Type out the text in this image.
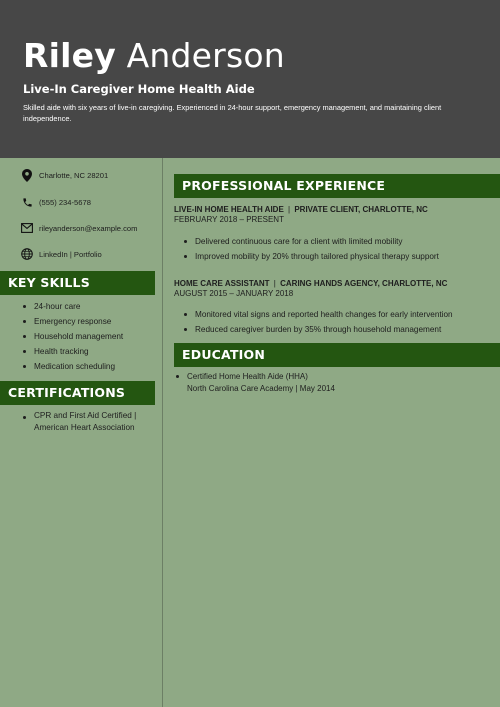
Riley Anderson
Live-In Caregiver Home Health Aide
Skilled aide with six years of live-in caregiving. Experienced in 24-hour support, emergency management, and maintaining client independence.
Charlotte, NC 28201
(555) 234-5678
rileyanderson@example.com
LinkedIn | Portfolio
KEY SKILLS
24-hour care
Emergency response
Household management
Health tracking
Medication scheduling
CERTIFICATIONS
CPR and First Aid Certified | American Heart Association
PROFESSIONAL EXPERIENCE
LIVE-IN HOME HEALTH AIDE | PRIVATE CLIENT, CHARLOTTE, NC
FEBRUARY 2018 – PRESENT
Delivered continuous care for a client with limited mobility
Improved mobility by 20% through tailored physical therapy support
HOME CARE ASSISTANT | CARING HANDS AGENCY, CHARLOTTE, NC
AUGUST 2015 – JANUARY 2018
Monitored vital signs and reported health changes for early intervention
Reduced caregiver burden by 35% through household management
EDUCATION
Certified Home Health Aide (HHA)
North Carolina Care Academy | May 2014
